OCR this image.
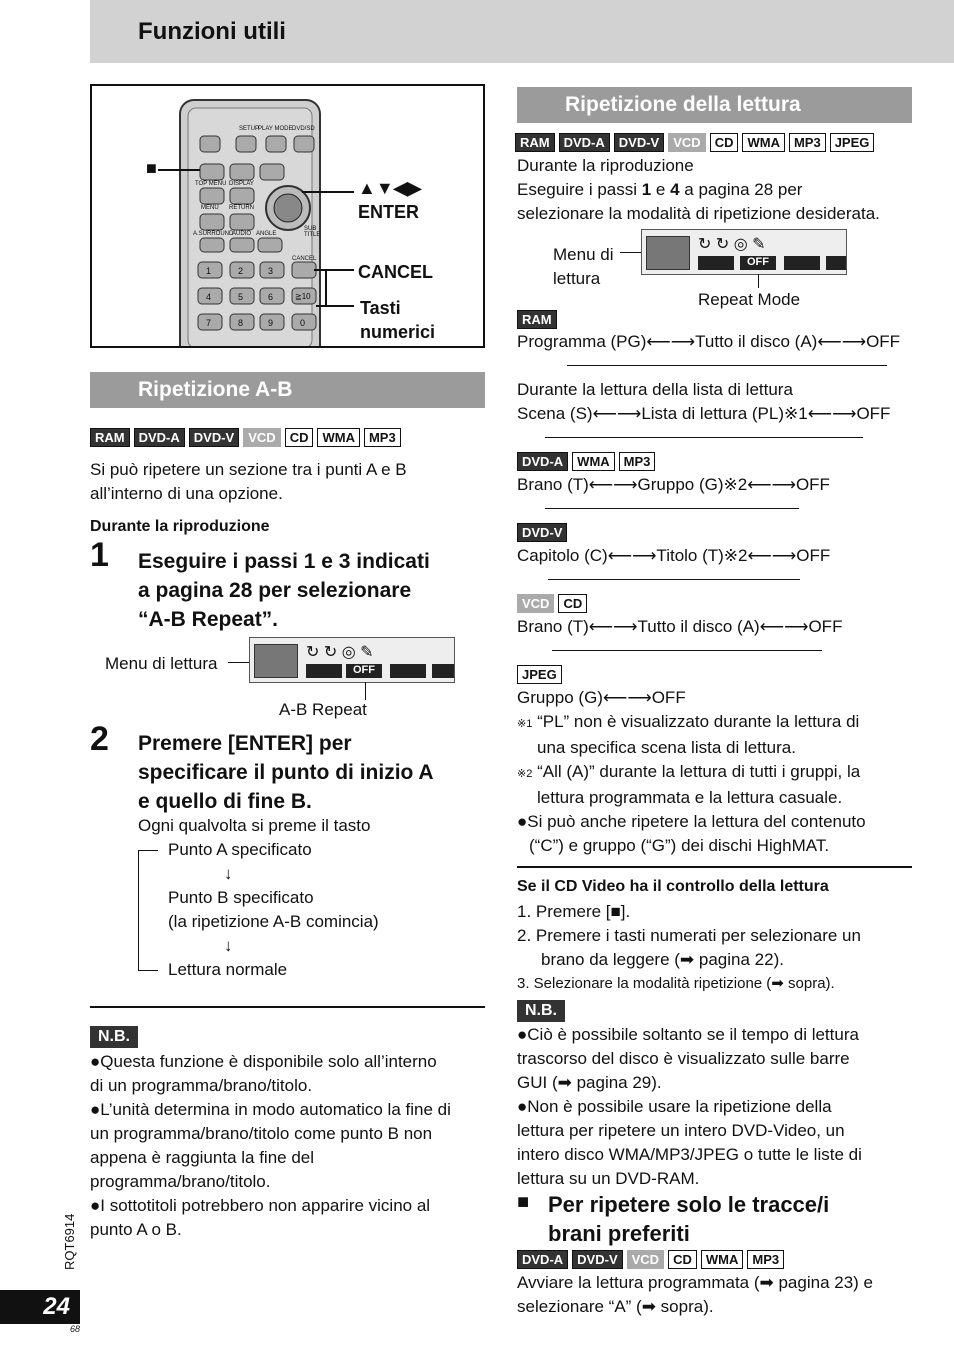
Funzioni utili
SETUP
PLAY MODE DVD/SD
TOP MENU DISPLAY
MENU RETURN
A.SURROUND
AUDIO ANGLE
SUB TITLE
CANCEL
1	2	3
4	5	6	≧10
7	8	9	0
■
▲▼◀▶
ENTER
CANCEL
Tasti
numerici
Ripetizione A-B
RAM	DVD-A	DVD-V	VCD	CD	WMA	MP3
Si può ripetere un sezione tra i punti A e B
all’interno di una opzione.
Durante la riproduzione
1 Eseguire i passi 1 e 3 indicati
a pagina 28 per selezionare
“A-B Repeat”.
Menu di lettura
↻ ↻ ◎ ✎
OFF
A-B Repeat
2 Premere [ENTER] per
specificare il punto di inizio A
e quello di fine B.
Ogni qualvolta si preme il tasto
Punto A specificato
↓
Punto B specificato
(la ripetizione A-B comincia)
↓
Lettura normale
N.B.
●Questa funzione è disponibile solo all’interno
di un programma/brano/titolo.
●L’unità determina in modo automatico la fine di
un programma/brano/titolo come punto B non
appena è raggiunta la fine del
programma/brano/titolo.
●I sottotitoli potrebbero non apparire vicino al
punto A o B.
Ripetizione della lettura
RAM	DVD-A	DVD-V	VCD	CD	WMA	MP3	JPEG
Durante la riproduzione
Eseguire i passi 1 e 4 a pagina 28 per
selezionare la modalità di ripetizione desiderata.
Menu di
lettura
↻ ↻ ◎ ✎
OFF
Repeat Mode
RAM
Programma (PG)⟵⟶Tutto il disco (A)⟵⟶OFF
Durante la lettura della lista di lettura
Scena (S)⟵⟶Lista di lettura (PL)※1⟵⟶OFF
DVD-A	WMA	MP3
Brano (T)⟵⟶Gruppo (G)※2⟵⟶OFF
DVD-V
Capitolo (C)⟵⟶Titolo (T)※2⟵⟶OFF
VCD	CD
Brano (T)⟵⟶Tutto il disco (A)⟵⟶OFF
JPEG
Gruppo (G)⟵⟶OFF
※1 “PL” non è visualizzato durante la lettura di
una specifica scena lista di lettura.
※2 “All (A)” durante la lettura di tutti i gruppi, la
lettura programmata e la lettura casuale.
●Si può anche ripetere la lettura del contenuto
(“C”) e gruppo (“G”) dei dischi HighMAT.
Se il CD Video ha il controllo della lettura
1. Premere [■].
2. Premere i tasti numerati per selezionare un
brano da leggere (➡ pagina 22).
3. Selezionare la modalità ripetizione (➡ sopra).
N.B.
●Ciò è possibile soltanto se il tempo di lettura
trascorso del disco è visualizzato sulle barre
GUI (➡ pagina 29).
●Non è possibile usare la ripetizione della
lettura per ripetere un intero DVD-Video, un
intero disco WMA/MP3/JPEG o tutte le liste di
lettura su un DVD-RAM.
■ Per ripetere solo le tracce/i
brani preferiti
DVD-A	DVD-V	VCD	CD	WMA	MP3
Avviare la lettura programmata (➡ pagina 23) e
selezionare “A” (➡ sopra).
RQT6914
24
68
